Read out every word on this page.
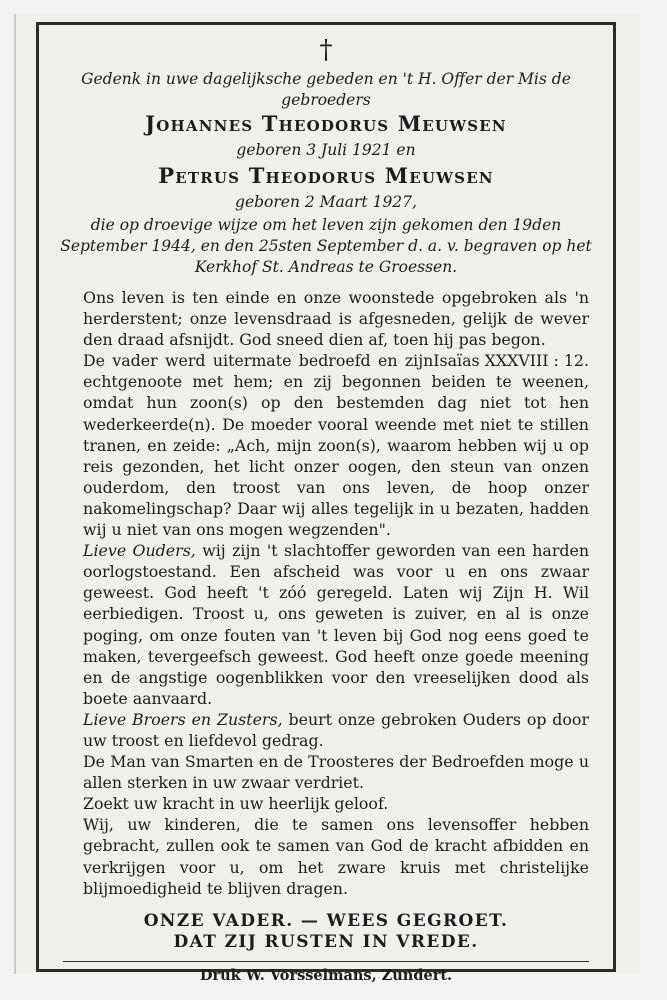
†
Gedenk in uwe dagelijksche gebeden en 't H. Offer der Mis de gebroeders
Johannes Theodorus Meuwsen
geboren 3 Juli 1921 en
Petrus Theodorus Meuwsen
geboren 2 Maart 1927,
die op droevige wijze om het leven zijn gekomen den 19den September 1944, en den 25sten September d. a. v. begraven op het Kerkhof St. Andreas te Groessen.

Ons leven is ten einde en onze woonstede opgebroken als 'n herderstent; onze levensdraad is afgesneden, gelijk de wever den draad afsnijdt. God sneed dien af, toen hij pas begon.
Isaïas XXXVIII : 12.

De vader werd uitermate bedroefd en zijn echtgenoote met hem; en zij begonnen beiden te weenen, omdat hun zoon(s) op den bestemden dag niet tot hen wederkeerde(n). De moeder vooral weende met niet te stillen tranen, en zeide: „Ach, mijn zoon(s), waarom hebben wij u op reis gezonden, het licht onzer oogen, den steun van onzen ouderdom, den troost van ons leven, de hoop onzer nakomelingschap? Daar wij alles tegelijk in u bezaten, hadden wij u niet van ons mogen wegzenden".

Lieve Ouders, wij zijn 't slachtoffer geworden van een harden oorlogstoestand. Een afscheid was voor u en ons zwaar geweest. God heeft 't zóó geregeld. Laten wij Zijn H. Wil eerbiedigen. Troost u, ons geweten is zuiver, en al is onze poging, om onze fouten van 't leven bij God nog eens goed te maken, tevergeefsch geweest. God heeft onze goede meening en de angstige oogenblikken voor den vreeselijken dood als boete aanvaard.

Lieve Broers en Zusters, beurt onze gebroken Ouders op door uw troost en liefdevol gedrag.

De Man van Smarten en de Troosteres der Bedroefden moge u allen sterken in uw zwaar verdriet.

Zoekt uw kracht in uw heerlijk geloof.

Wij, uw kinderen, die te samen ons levensoffer hebben gebracht, zullen ook te samen van God de kracht afbidden en verkrijgen voor u, om het zware kruis met christelijke blijmoedigheid te blijven dragen.

ONZE VADER. — WEES GEGROET.
DAT ZIJ RUSTEN IN VREDE.
Druk W. Vorsselmans, Zundert.
